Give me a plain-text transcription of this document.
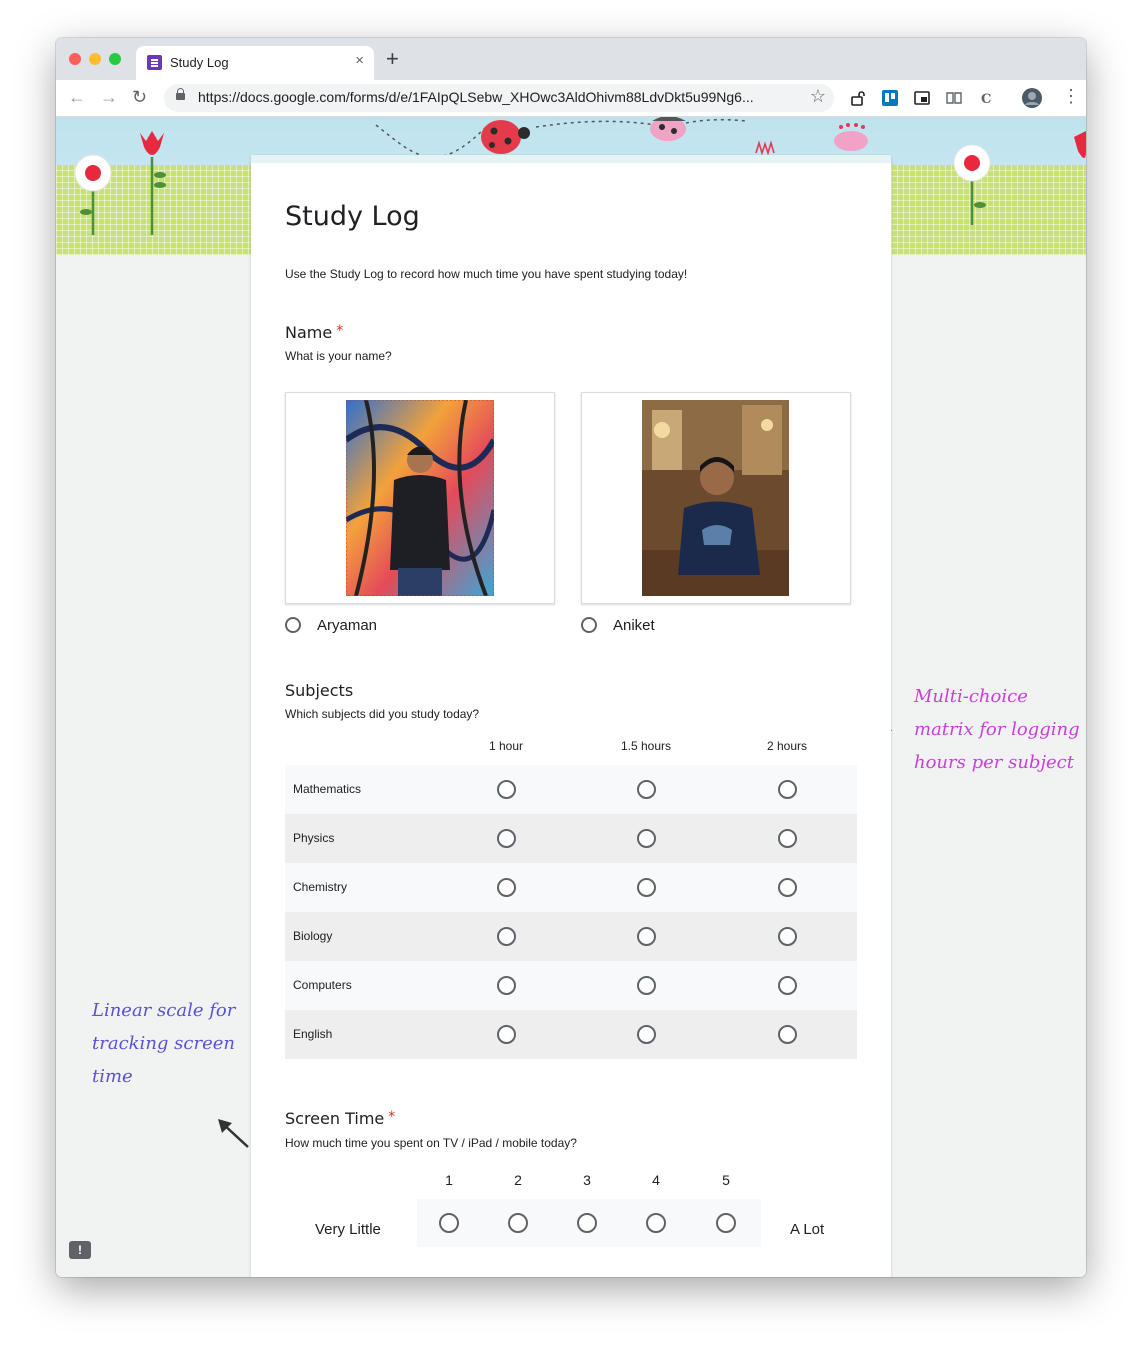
Study Log	× +
← → ↻	https://docs.google.com/forms/d/e/1FAIpQLSebw_XHOwc3AldOhivm88LdvDkt5u99Ng6...	☆	C	⋮
Multi-choice
matrix for logging
hours per subject
Linear scale for
tracking screen
time
!
Study Log
Use the Study Log to record how much time you have spent studying today!
Name *
What is your name?
Aryaman	Aniket
Subjects
Which subjects did you study today?
1 hour	1.5 hours	2 hours
Mathematics
Physics
Chemistry
Biology
Computers
English
Screen Time *
How much time you spent on TV / iPad / mobile today?
1	2	3	4	5
Very Little	A Lot
